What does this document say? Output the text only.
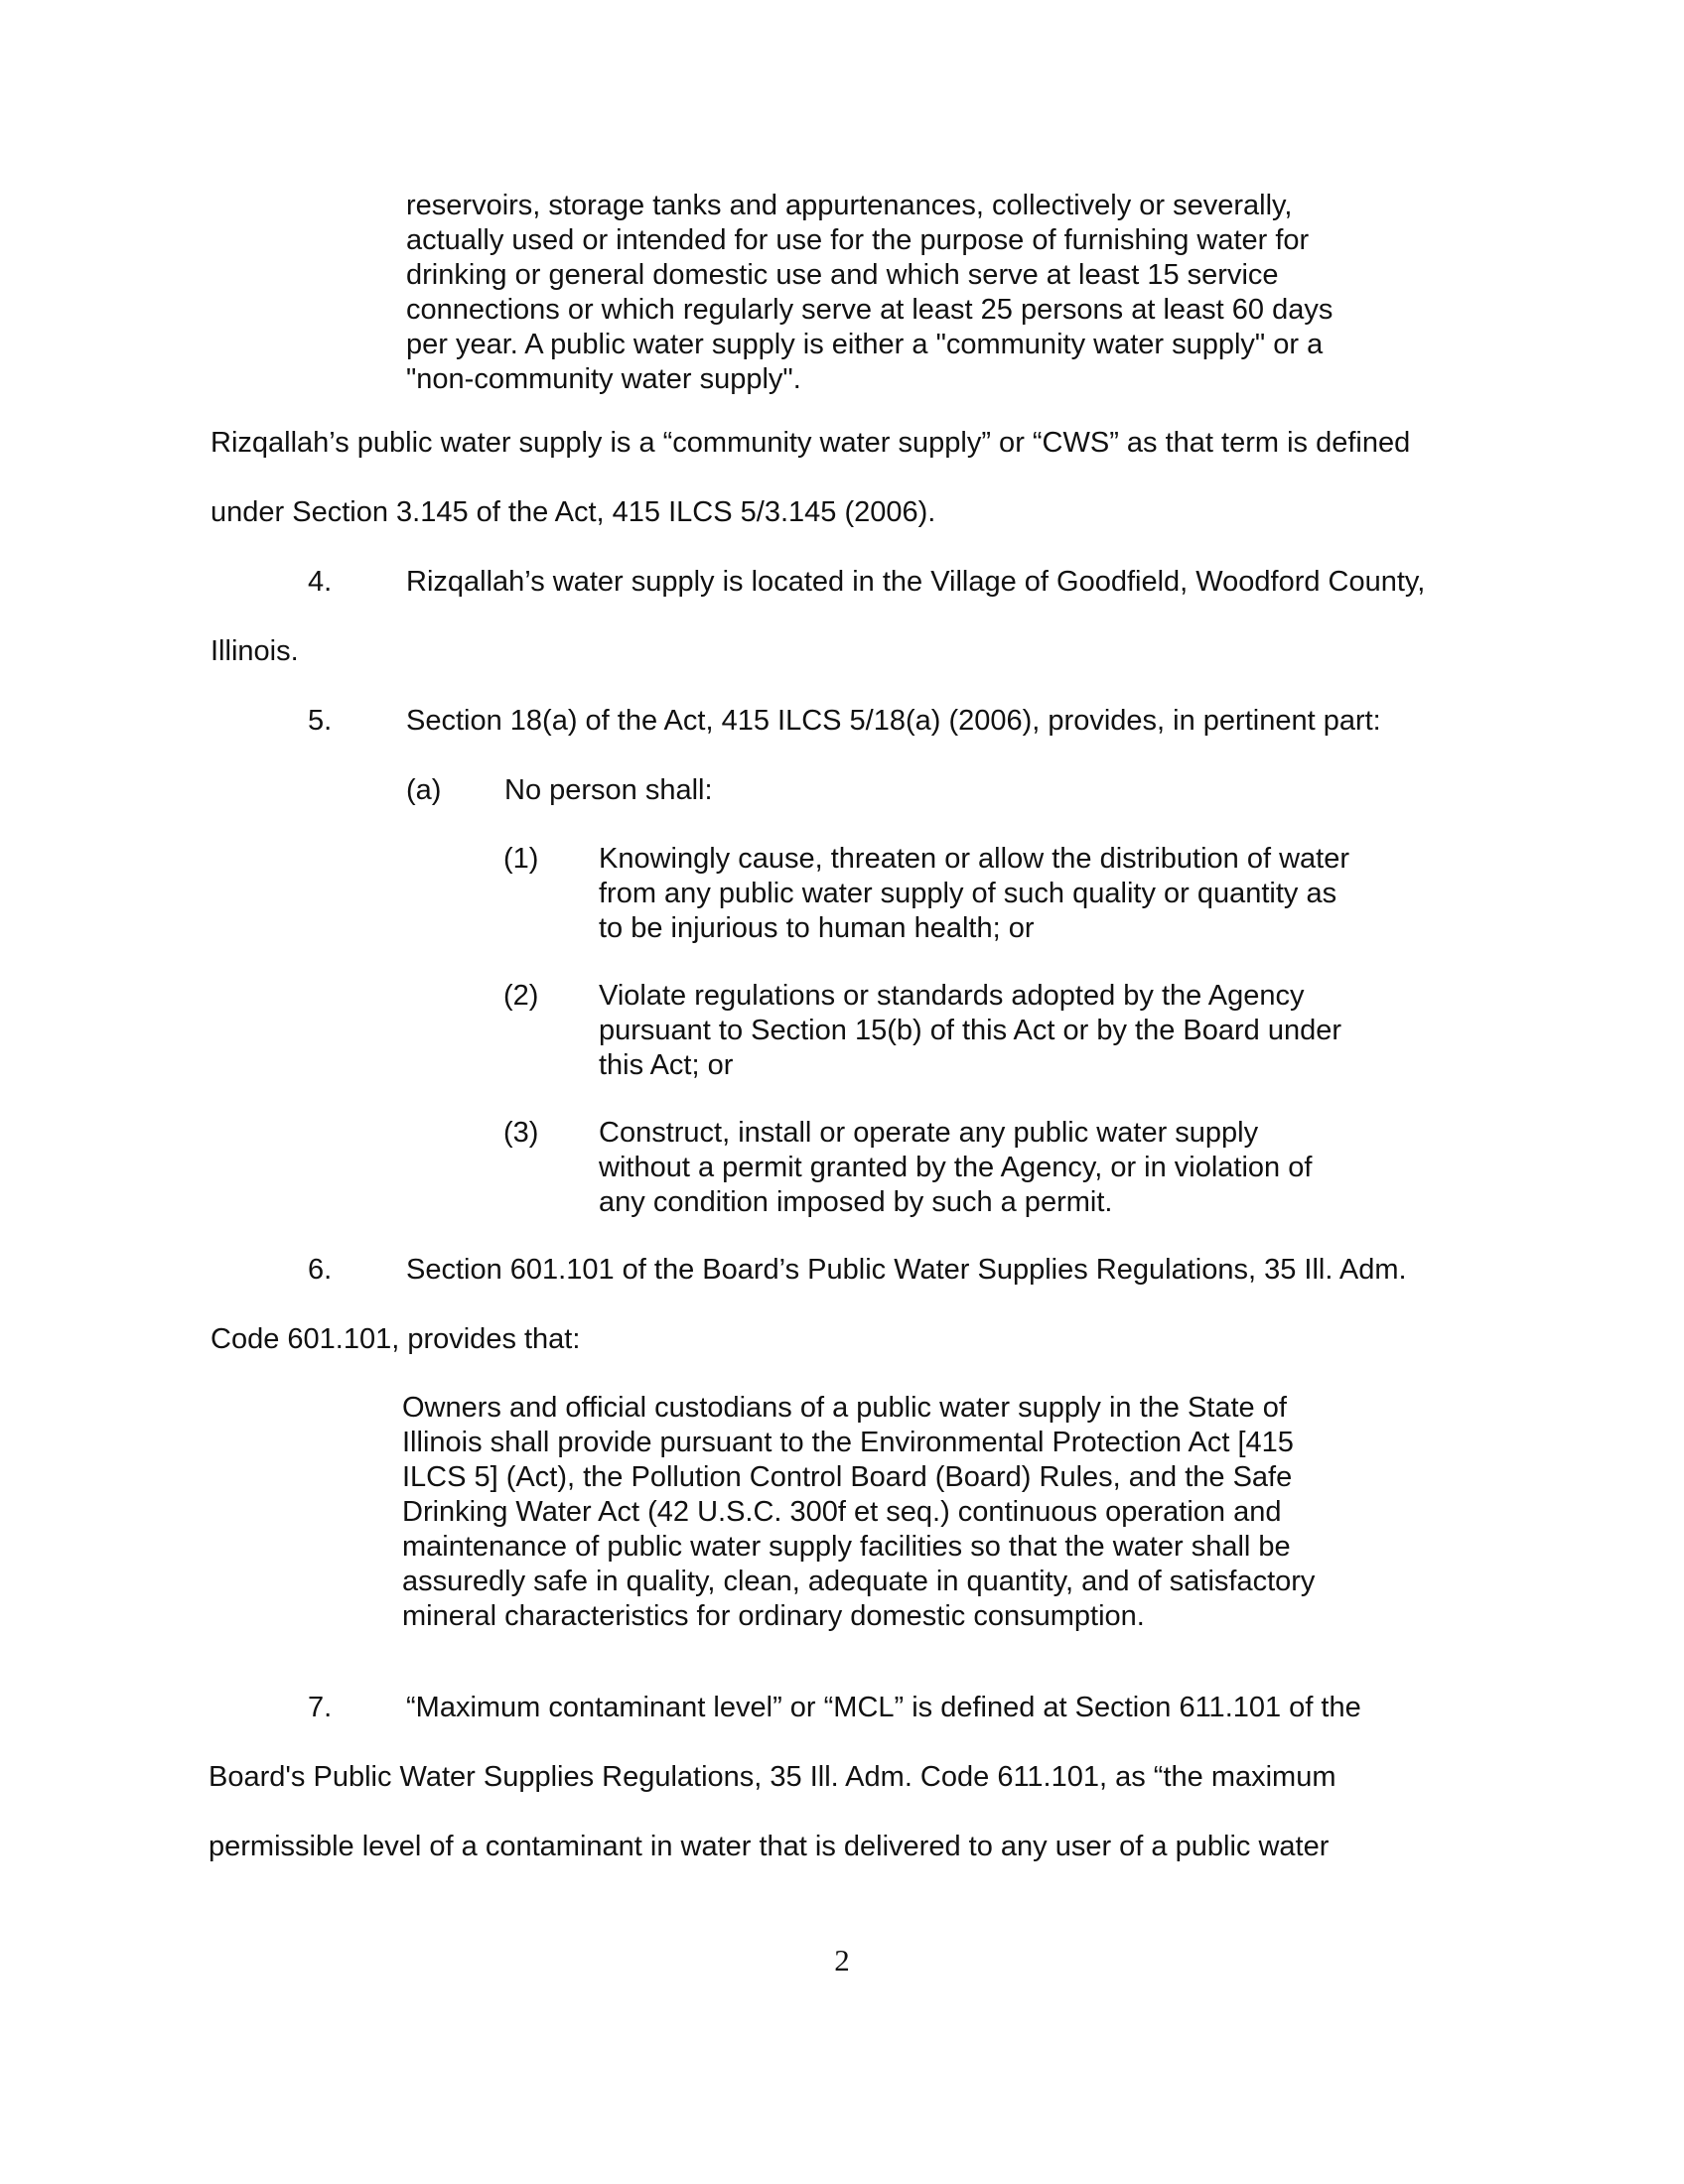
reservoirs, storage tanks and appurtenances, collectively or severally,
actually used or intended for use for the purpose of furnishing water for
drinking or general domestic use and which serve at least 15 service
connections or which regularly serve at least 25 persons at least 60 days
per year. A public water supply is either a "community water supply" or a
"non-community water supply".

Rizqallah’s public water supply is a “community water supply” or “CWS” as that term is defined

under Section 3.145 of the Act, 415 ILCS 5/3.145 (2006).

4.	Rizqallah’s water supply is located in the Village of Goodfield, Woodford County,

Illinois.

5.	Section 18(a) of the Act, 415 ILCS 5/18(a) (2006), provides, in pertinent part:

(a) No person shall:

(1) Knowingly cause, threaten or allow the distribution of water
from any public water supply of such quality or quantity as
to be injurious to human health; or

(2) Violate regulations or standards adopted by the Agency
pursuant to Section 15(b) of this Act or by the Board under
this Act; or

(3) Construct, install or operate any public water supply
without a permit granted by the Agency, or in violation of
any condition imposed by such a permit.

6.	Section 601.101 of the Board’s Public Water Supplies Regulations, 35 Ill. Adm.

Code 601.101, provides that:

Owners and official custodians of a public water supply in the State of
Illinois shall provide pursuant to the Environmental Protection Act [415
ILCS 5] (Act), the Pollution Control Board (Board) Rules, and the Safe
Drinking Water Act (42 U.S.C. 300f et seq.) continuous operation and
maintenance of public water supply facilities so that the water shall be
assuredly safe in quality, clean, adequate in quantity, and of satisfactory
mineral characteristics for ordinary domestic consumption.

7.	“Maximum contaminant level” or “MCL” is defined at Section 611.101 of the

Board's Public Water Supplies Regulations, 35 Ill. Adm. Code 611.101, as “the maximum

permissible level of a contaminant in water that is delivered to any user of a public water

2
